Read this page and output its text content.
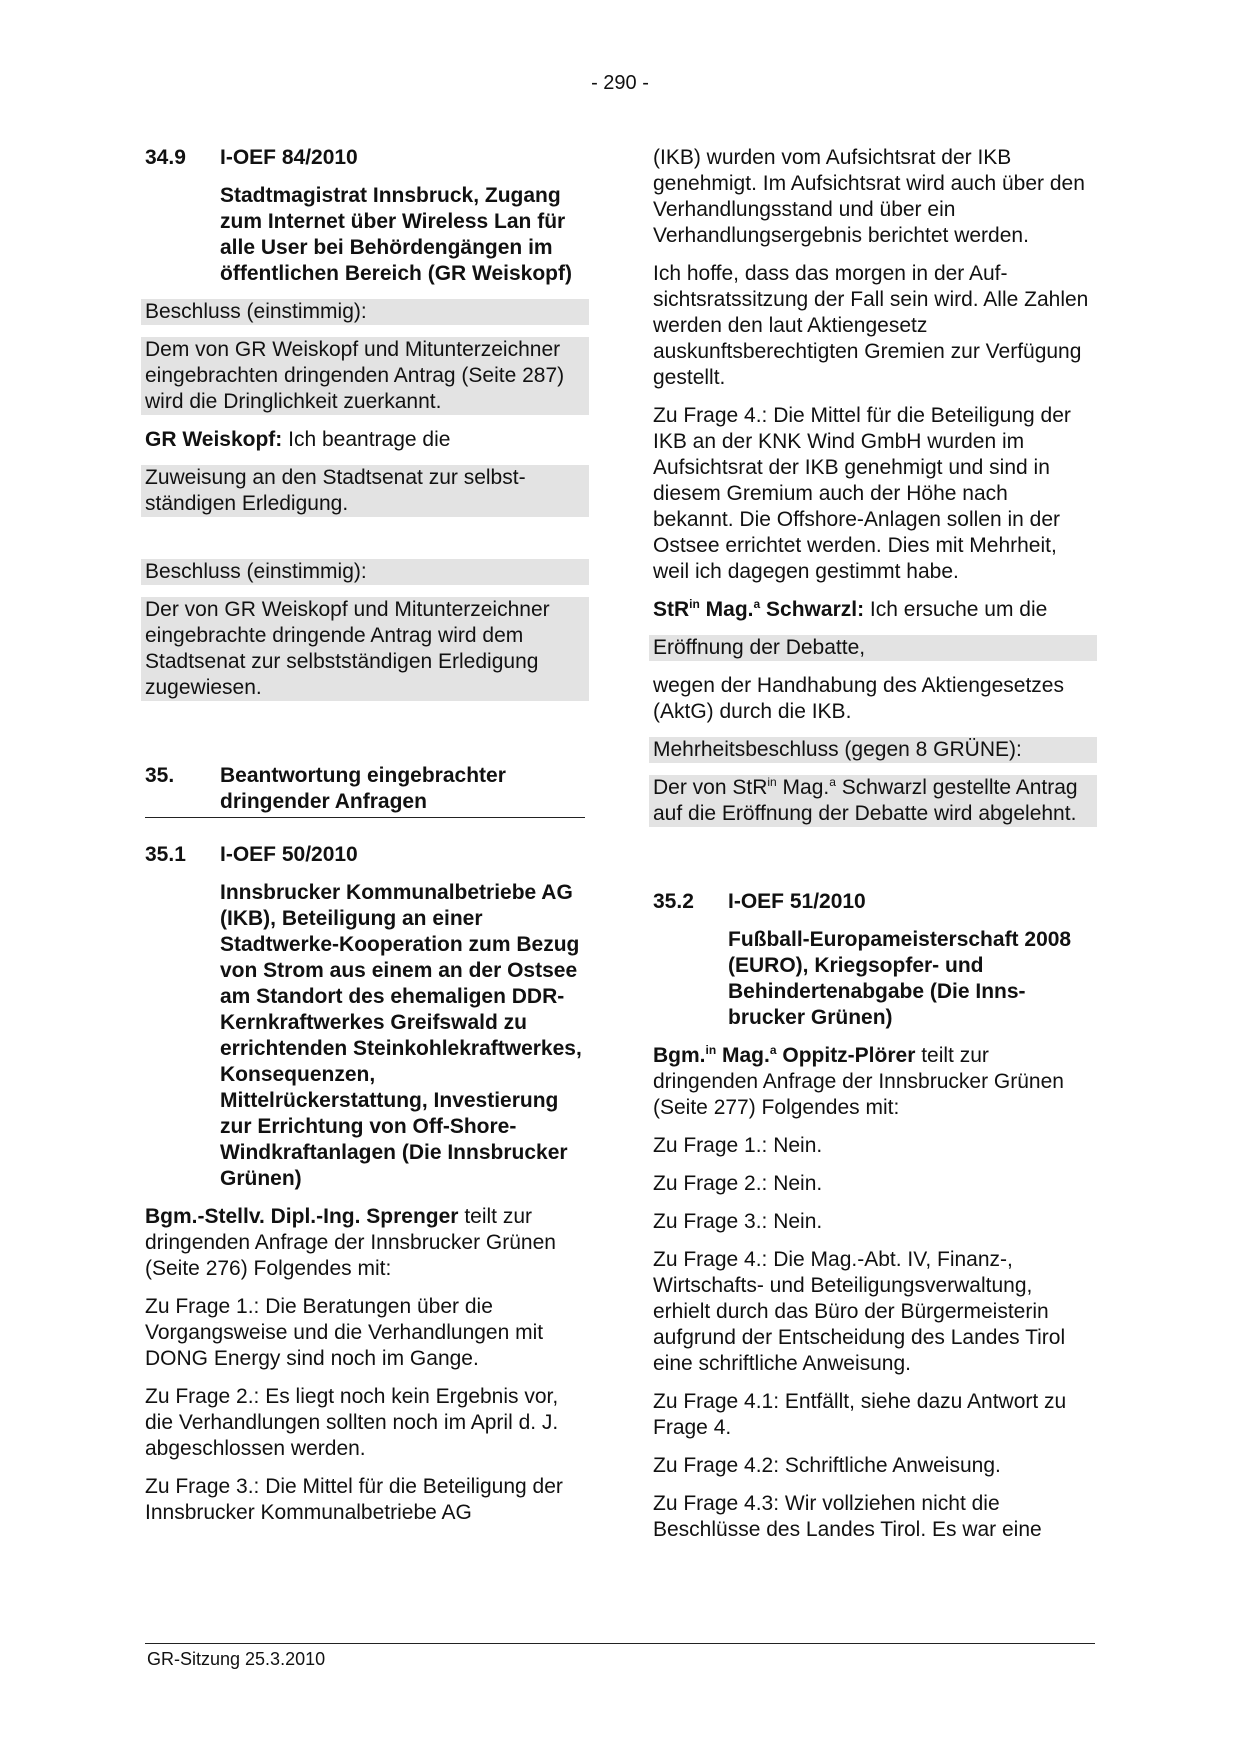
- 290 -
34.9	I-OEF 84/2010
Stadtmagistrat Innsbruck, Zugang zum Internet über Wireless Lan für alle User bei Behördengängen im öffentlichen Bereich (GR Weiskopf)

Beschluss (einstimmig):

Dem von GR Weiskopf und Mitunterzeichner eingebrachten dringenden Antrag (Seite 287) wird die Dringlichkeit zuerkannt.

GR Weiskopf: Ich beantrage die

Zuweisung an den Stadtsenat zur selbstständigen Erledigung.

Beschluss (einstimmig):

Der von GR Weiskopf und Mitunterzeichner eingebrachte dringende Antrag wird dem Stadtsenat zur selbstständigen Erledigung zugewiesen.

35.	Beantwortung eingebrachter dringender Anfragen
35.1	I-OEF 50/2010
Innsbrucker Kommunalbetriebe AG (IKB), Beteiligung an einer Stadtwerke-Kooperation zum Bezug von Strom aus einem an der Ostsee am Standort des ehemaligen DDR-Kernkraftwerkes Greifswald zu errichtenden Steinkohlekraftwerkes, Konsequenzen, Mittelrückerstattung, Investierung zur Errichtung von Off-Shore-Windkraftanlagen (Die Innsbrucker Grünen)

Bgm.-Stellv. Dipl.-Ing. Sprenger teilt zur dringenden Anfrage der Innsbrucker Grünen (Seite 276) Folgendes mit:

Zu Frage 1.: Die Beratungen über die Vorgangsweise und die Verhandlungen mit DONG Energy sind noch im Gange.

Zu Frage 2.: Es liegt noch kein Ergebnis vor, die Verhandlungen sollten noch im April d. J. abgeschlossen werden.

Zu Frage 3.: Die Mittel für die Beteiligung der Innsbrucker Kommunalbetriebe AG

(IKB) wurden vom Aufsichtsrat der IKB genehmigt. Im Aufsichtsrat wird auch über den Verhandlungsstand und über ein Verhandlungsergebnis berichtet werden.

Ich hoffe, dass das morgen in der Aufsichtsratssitzung der Fall sein wird. Alle Zahlen werden den laut Aktiengesetz auskunftsberechtigten Gremien zur Verfügung gestellt.

Zu Frage 4.: Die Mittel für die Beteiligung der IKB an der KNK Wind GmbH wurden im Aufsichtsrat der IKB genehmigt und sind in diesem Gremium auch der Höhe nach bekannt. Die Offshore-Anlagen sollen in der Ostsee errichtet werden. Dies mit Mehrheit, weil ich dagegen gestimmt habe.

StR$^{in}$ Mag.$^a$ Schwarzl: Ich ersuche um die

Eröffnung der Debatte,

wegen der Handhabung des Aktiengesetzes (AktG) durch die IKB.

Mehrheitsbeschluss (gegen 8 GRÜNE):

Der von StR$^{in}$ Mag.$^a$ Schwarzl gestellte Antrag auf die Eröffnung der Debatte wird abgelehnt.

35.2	I-OEF 51/2010
Fußball-Europameisterschaft 2008 (EURO), Kriegsopfer- und Behindertenabgabe (Die Innsbrucker Grünen)

Bgm.$^{in}$ Mag.$^a$ Oppitz-Plörer teilt zur dringenden Anfrage der Innsbrucker Grünen (Seite 277) Folgendes mit:

Zu Frage 1.: Nein.

Zu Frage 2.: Nein.

Zu Frage 3.: Nein.

Zu Frage 4.: Die Mag.-Abt. IV, Finanz-, Wirtschafts- und Beteiligungsverwaltung, erhielt durch das Büro der Bürgermeisterin aufgrund der Entscheidung des Landes Tirol eine schriftliche Anweisung.

Zu Frage 4.1: Entfällt, siehe dazu Antwort zu Frage 4.

Zu Frage 4.2: Schriftliche Anweisung.

Zu Frage 4.3: Wir vollziehen nicht die Beschlüsse des Landes Tirol. Es war eine

GR-Sitzung 25.3.2010
